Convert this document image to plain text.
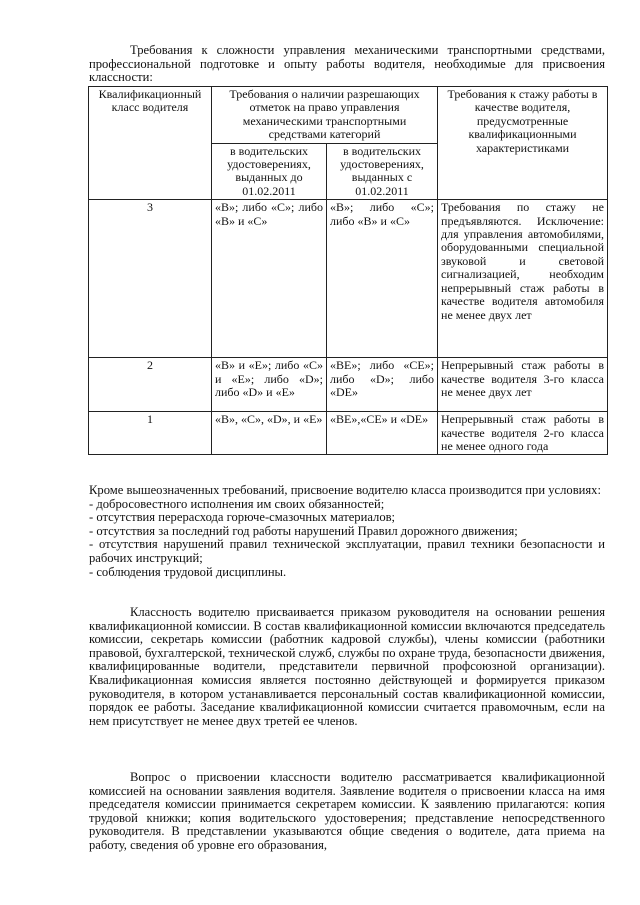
Требования к сложности управления механическими транспортными средствами, профессиональной подготовке и опыту работы водителя, необходимые для присвоения классности:

Квалификационный класс водителя	Требования о наличии разрешающих отметок на право управления механическими транспортными средствами категорий		Требования к стажу работы в качестве водителя, предусмотренные квалификационными характеристиками
	в водительских удостоверениях, выданных до 01.02.2011	в водительских удостоверениях, выданных с 01.02.2011	
3	«В»; либо «С»; либо «В» и «С»	«В»; либо «С»; либо «В» и «С»	Требования по стажу не предъявляются. Исключение: для управления автомобилями, оборудованными специальной звуковой и световой сигнализацией, необходим непрерывный стаж работы в качестве водителя автомобиля не менее двух лет
2	«В» и «Е»; либо «С» и «Е»; либо «D»; либо «D» и «Е»	«ВЕ»; либо «СЕ»; либо «D»; либо «DE»	Непрерывный стаж работы в качестве водителя 3-го класса не менее двух лет
1	«В», «С», «D», и «Е»	«ВЕ»,«СЕ» и «DE»	Непрерывный стаж работы в качестве водителя 2-го класса не менее одного года

Кроме вышеозначенных требований, присвоение водителю класса производится при условиях:

- добросовестного исполнения им своих обязанностей;

- отсутствия перерасхода горюче-смазочных материалов;

- отсутствия за последний год работы нарушений Правил дорожного движения;

- отсутствия нарушений правил технической эксплуатации, правил техники безопасности и рабочих инструкций;

- соблюдения трудовой дисциплины.

Классность водителю присваивается приказом руководителя на основании решения квалификационной комиссии. В состав квалификационной комиссии включаются председатель комиссии, секретарь комиссии (работник кадровой службы), члены комиссии (работники правовой, бухгалтерской, технической служб, службы по охране труда, безопасности движения, квалифицированные водители, представители первичной профсоюзной организации). Квалификационная комиссия является постоянно действующей и формируется приказом руководителя, в котором устанавливается персональный состав квалификационной комиссии, порядок ее работы. Заседание квалификационной комиссии считается правомочным, если на нем присутствует не менее двух третей ее членов.

Вопрос о присвоении классности водителю рассматривается квалификационной комиссией на основании заявления водителя. Заявление водителя о присвоении класса на имя председателя комиссии принимается секретарем комиссии. К заявлению прилагаются: копия трудовой книжки; копия водительского удостоверения; представление непосредственного руководителя. В представлении указываются общие сведения о водителе, дата приема на работу, сведения об уровне его образования,
